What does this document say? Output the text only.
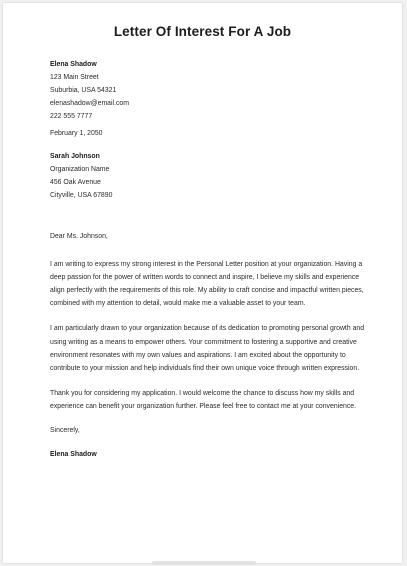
Letter Of Interest For A Job

Elena Shadow

123 Main Street

Suburbia, USA 54321

elenashadow@email.com

222 555 7777

February 1, 2050

Sarah Johnson

Organization Name

456 Oak Avenue

Cityville, USA 67890

Dear Ms. Johnson,

I am writing to express my strong interest in the Personal Letter position at your organization. Having a deep passion for the power of written words to connect and inspire, I believe my skills and experience align perfectly with the requirements of this role. My ability to craft concise and impactful written pieces, combined with my attention to detail, would make me a valuable asset to your team.

I am particularly drawn to your organization because of its dedication to promoting personal growth and using writing as a means to empower others. Your commitment to fostering a supportive and creative environment resonates with my own values and aspirations. I am excited about the opportunity to contribute to your mission and help individuals find their own unique voice through written expression.

Thank you for considering my application. I would welcome the chance to discuss how my skills and experience can benefit your organization further. Please feel free to contact me at your convenience.

Sincerely,

Elena Shadow
